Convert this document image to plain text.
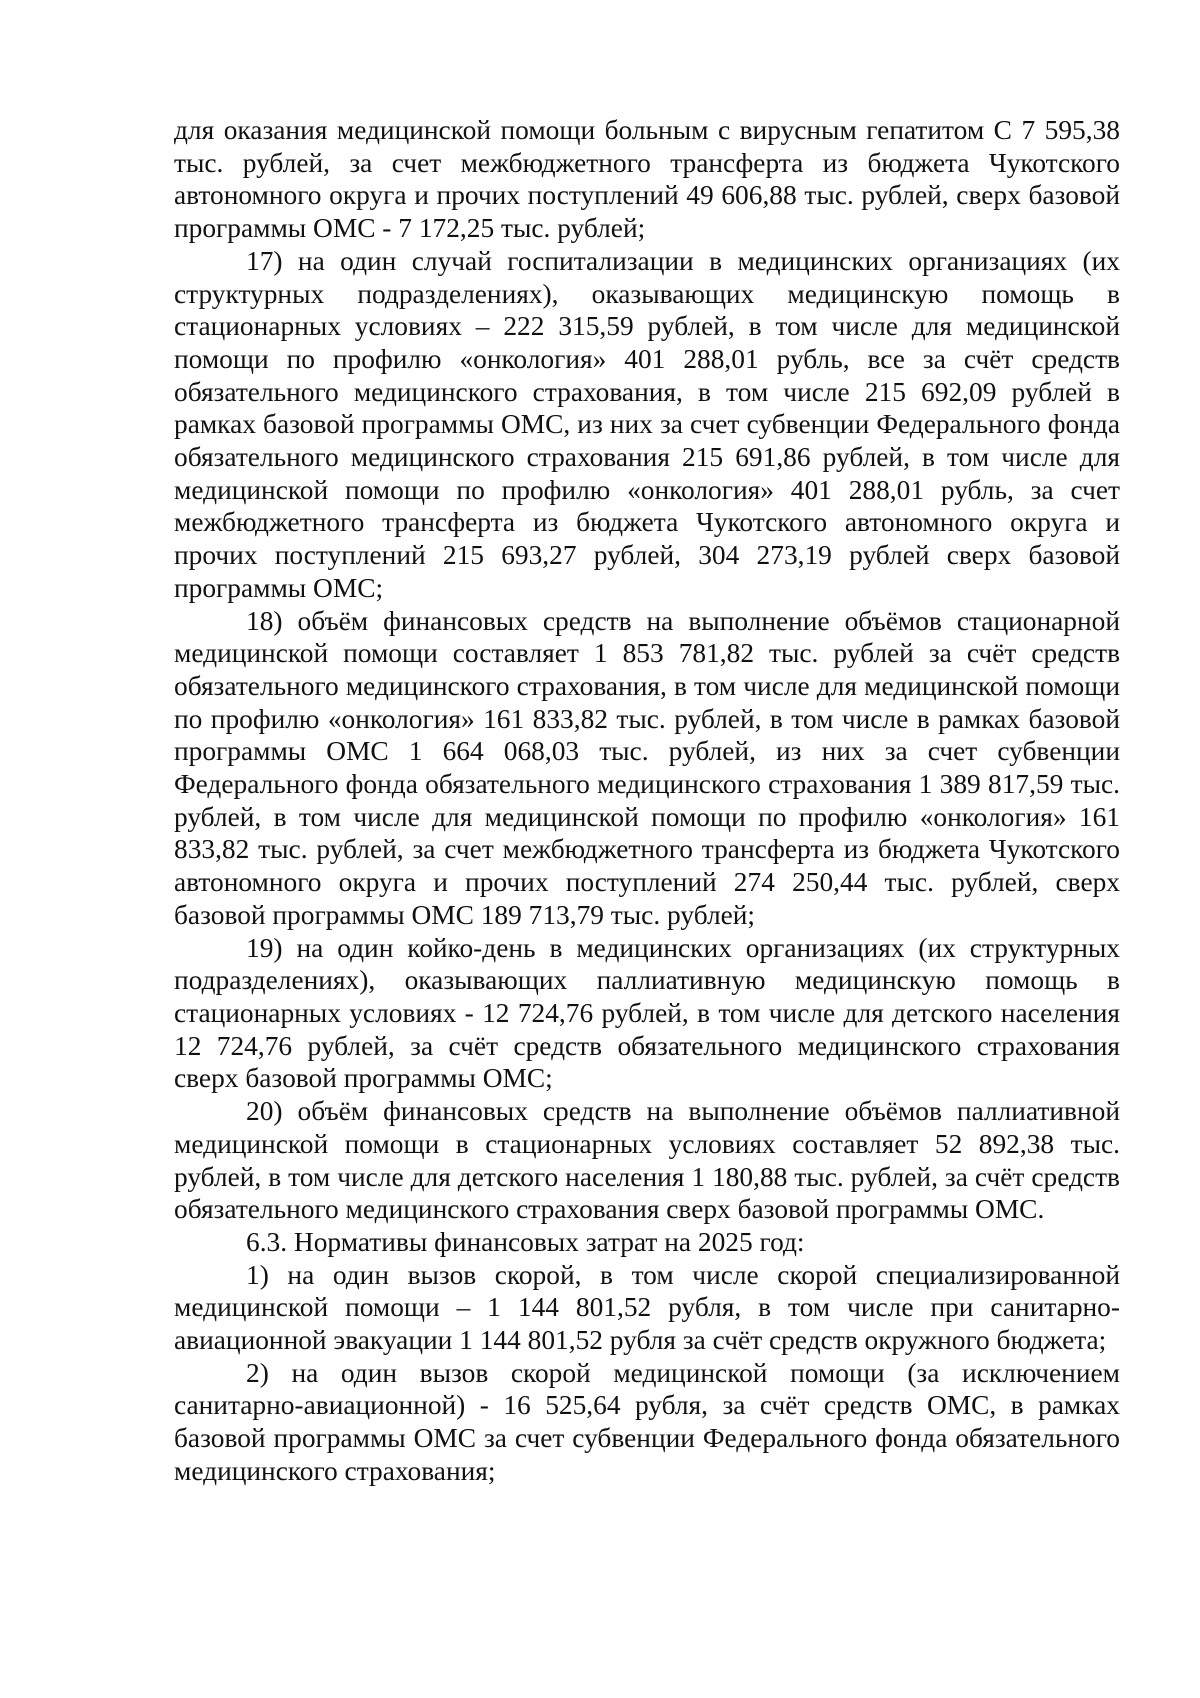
для оказания медицинской помощи больным с вирусным гепатитом С 7 595,38 тыс. рублей, за счет межбюджетного трансферта из бюджета Чукотского автономного округа и прочих поступлений 49 606,88 тыс. рублей, сверх базовой программы ОМС - 7 172,25 тыс. рублей;

17) на один случай госпитализации в медицинских организациях (их структурных подразделениях), оказывающих медицинскую помощь в стационарных условиях – 222 315,59 рублей, в том числе для медицинской помощи по профилю «онкология» 401 288,01 рубль, все за счёт средств обязательного медицинского страхования, в том числе 215 692,09 рублей в рамках базовой программы ОМС, из них за счет субвенции Федерального фонда обязательного медицинского страхования 215 691,86 рублей, в том числе для медицинской помощи по профилю «онкология» 401 288,01 рубль, за счет межбюджетного трансферта из бюджета Чукотского автономного округа и прочих поступлений 215 693,27 рублей, 304 273,19 рублей сверх базовой программы ОМС;

18) объём финансовых средств на выполнение объёмов стационарной медицинской помощи составляет 1 853 781,82 тыс. рублей за счёт средств обязательного медицинского страхования, в том числе для медицинской помощи по профилю «онкология» 161 833,82 тыс. рублей, в том числе в рамках базовой программы ОМС 1 664 068,03 тыс. рублей, из них за счет субвенции Федерального фонда обязательного медицинского страхования 1 389 817,59 тыс. рублей, в том числе для медицинской помощи по профилю «онкология» 161 833,82 тыс. рублей, за счет межбюджетного трансферта из бюджета Чукотского автономного округа и прочих поступлений 274 250,44 тыс. рублей, сверх базовой программы ОМС 189 713,79 тыс. рублей;

19) на один койко-день в медицинских организациях (их структурных подразделениях), оказывающих паллиативную медицинскую помощь в стационарных условиях - 12 724,76 рублей, в том числе для детского населения 12 724,76 рублей, за счёт средств обязательного медицинского страхования сверх базовой программы ОМС;

20) объём финансовых средств на выполнение объёмов паллиативной медицинской помощи в стационарных условиях составляет 52 892,38 тыс. рублей, в том числе для детского населения 1 180,88 тыс. рублей, за счёт средств обязательного медицинского страхования сверх базовой программы ОМС.

6.3. Нормативы финансовых затрат на 2025 год:

1) на один вызов скорой, в том числе скорой специализированной медицинской помощи – 1 144 801,52 рубля, в том числе при санитарно-авиационной эвакуации 1 144 801,52 рубля за счёт средств окружного бюджета;

2) на один вызов скорой медицинской помощи (за исключением санитарно-авиационной) - 16 525,64 рубля, за счёт средств ОМС, в рамках базовой программы ОМС за счет субвенции Федерального фонда обязательного медицинского страхования;
